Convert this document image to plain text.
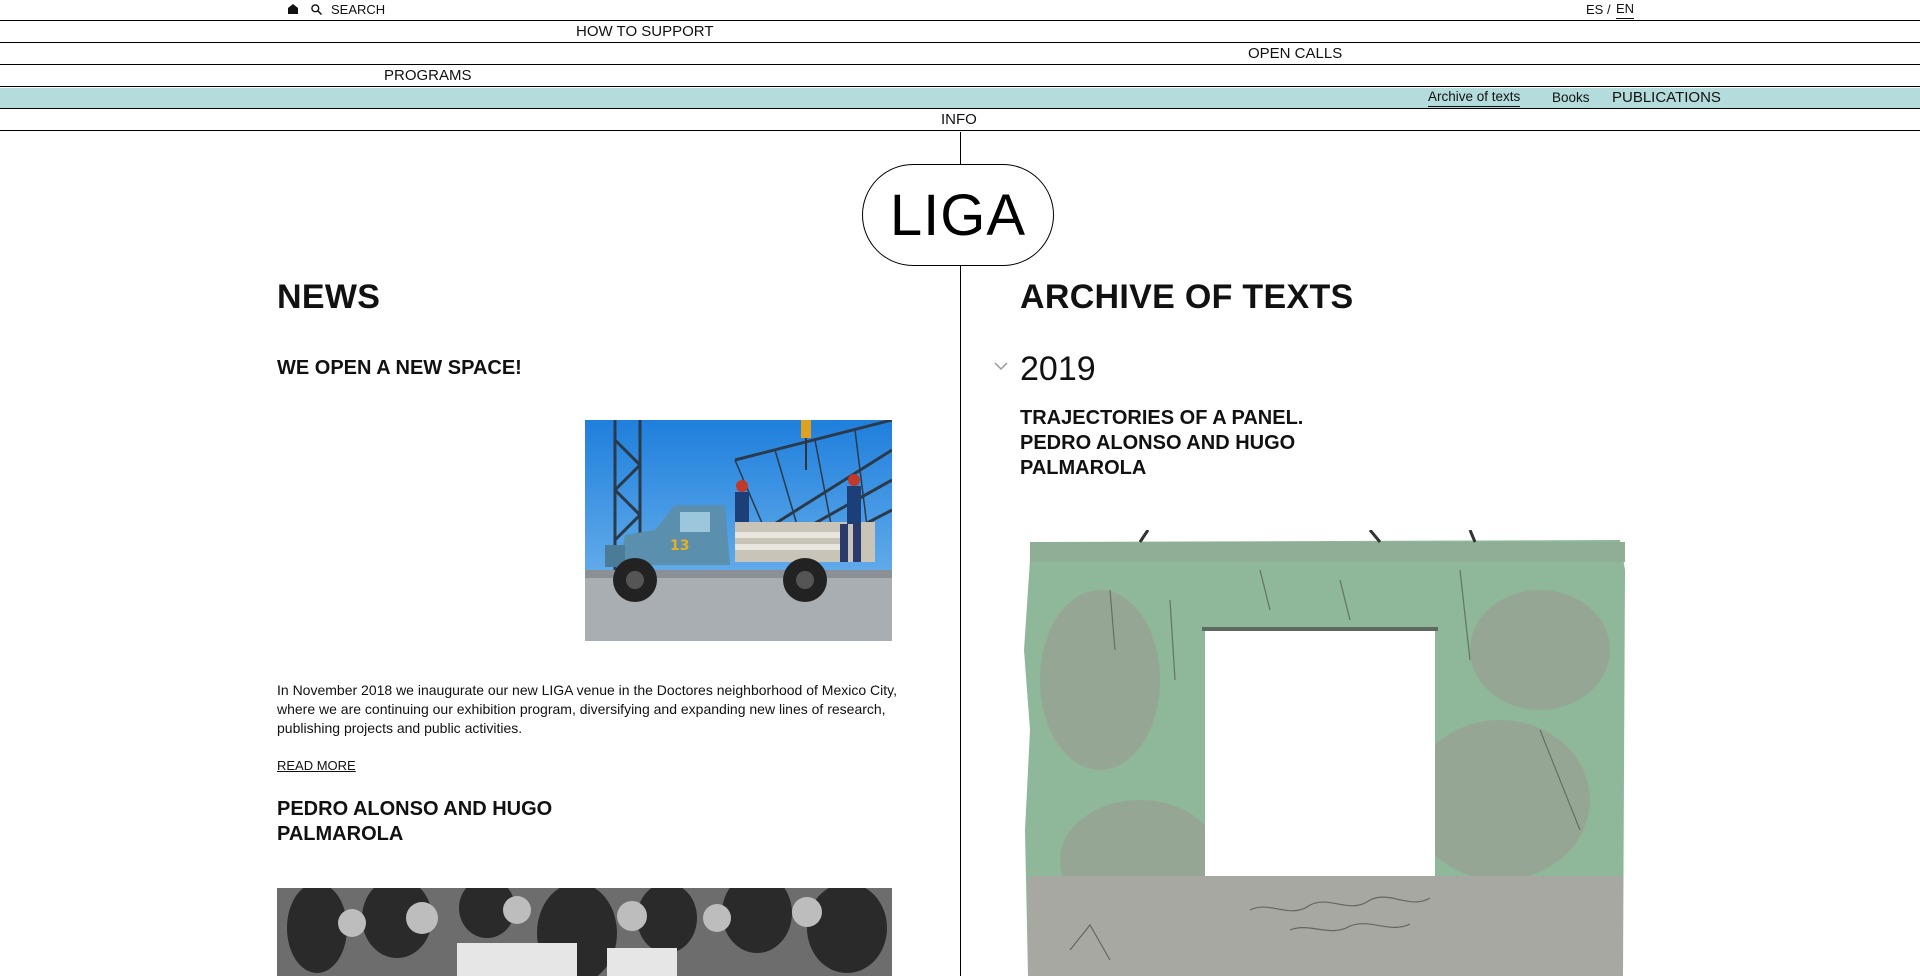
SEARCH	ES / EN
HOW TO SUPPORT
OPEN CALLS
PROGRAMS
Archive of texts Books PUBLICATIONS
INFO
LIGA
NEWS
WE OPEN A NEW SPACE!
13
In November 2018 we inaugurate our new LIGA venue in the Doctores neighborhood of Mexico City, where we are continuing our exhibition program, diversifying and expanding new lines of research, publishing projects and public activities.
READ MORE
PEDRO ALONSO AND HUGO PALMAROLA
ARCHIVE OF TEXTS
2019
TRAJECTORIES OF A PANEL. PEDRO ALONSO AND HUGO PALMAROLA
